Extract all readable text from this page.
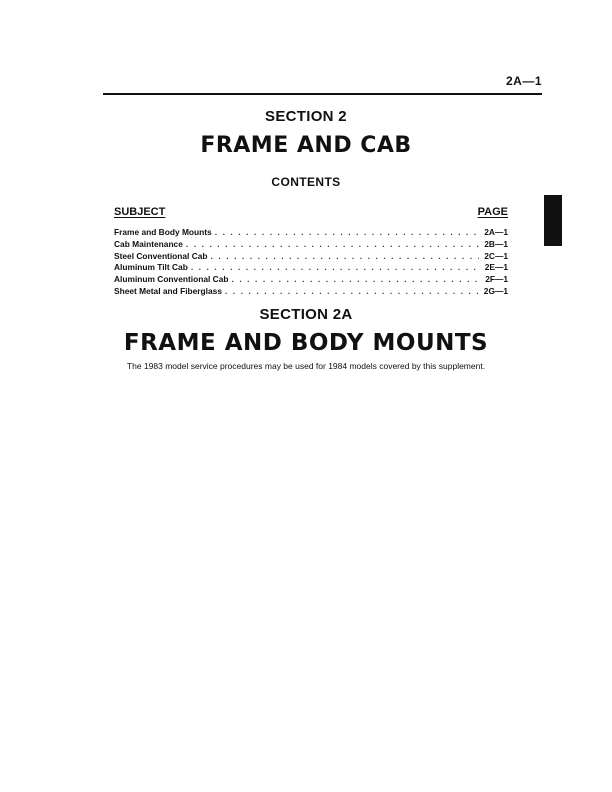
2A—1
SECTION 2
FRAME AND CAB
CONTENTS
SUBJECT	PAGE
Frame and Body Mounts . . .	2A—1
Cab Maintenance . . .	2B—1
Steel Conventional Cab . . .	2C—1
Aluminum Tilt Cab . . .	2E—1
Aluminum Conventional Cab . . .	2F—1
Sheet Metal and Fiberglass . . .	2G—1
SECTION 2A
FRAME AND BODY MOUNTS
The 1983 model service procedures may be used for 1984 models covered by this supplement.
